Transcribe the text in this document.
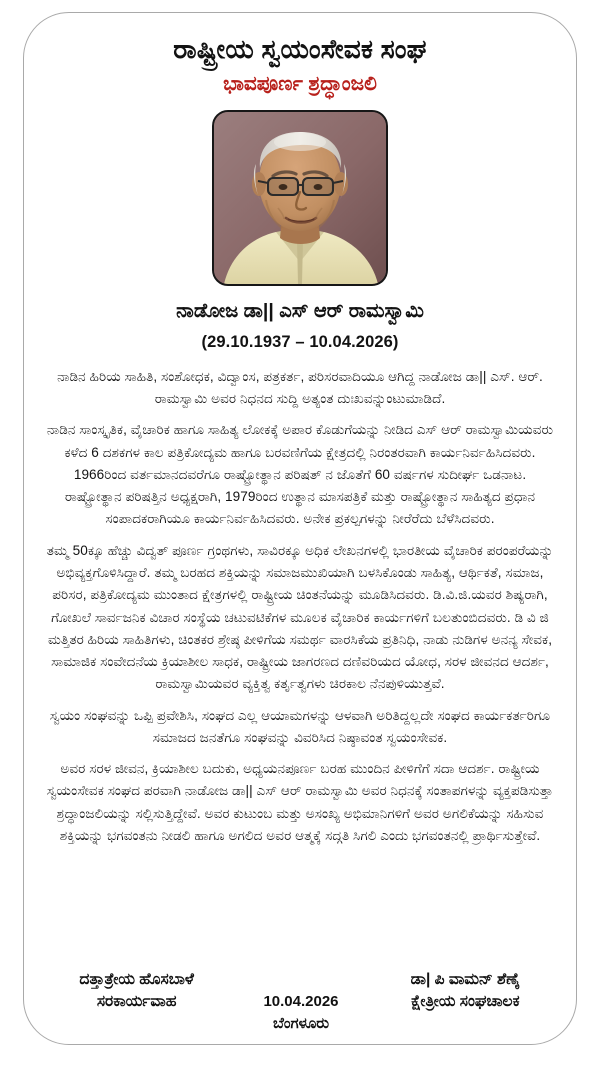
ರಾಷ್ಟ್ರೀಯ ಸ್ವಯಂಸೇವಕ ಸಂಘ
ಭಾವಪೂರ್ಣ ಶ್ರದ್ಧಾಂಜಲಿ
ನಾಡೋಜ ಡಾ|| ಎಸ್ ಆರ್ ರಾಮಸ್ವಾಮಿ
(29.10.1937 – 10.04.2026)

ನಾಡಿನ ಹಿರಿಯ ಸಾಹಿತಿ, ಸಂಶೋಧಕ, ವಿದ್ವಾಂಸ, ಪತ್ರಕರ್ತ, ಪರಿಸರವಾದಿಯೂ ಆಗಿದ್ದ ನಾಡೋಜ ಡಾ|| ಎಸ್. ಆರ್. ರಾಮಸ್ವಾಮಿ ಅವರ ನಿಧನದ ಸುದ್ದಿ ಅತ್ಯಂತ ದುಃಖವನ್ನುಂಟುಮಾಡಿದೆ.

ನಾಡಿನ ಸಾಂಸ್ಕೃತಿಕ, ವೈಚಾರಿಕ ಹಾಗೂ ಸಾಹಿತ್ಯ ಲೋಕಕ್ಕೆ ಅಪಾರ ಕೊಡುಗೆಯನ್ನು ನೀಡಿದ ಎಸ್ ಆರ್ ರಾಮಸ್ವಾಮಿಯವರು ಕಳೆದ 6 ದಶಕಗಳ ಕಾಲ ಪತ್ರಿಕೋದ್ಯಮ ಹಾಗೂ ಬರವಣಿಗೆಯ ಕ್ಷೇತ್ರದಲ್ಲಿ ನಿರಂತರವಾಗಿ ಕಾರ್ಯನಿರ್ವಹಿಸಿದವರು. 1966ರಿಂದ ವರ್ತಮಾನದವರೆಗೂ ರಾಷ್ಟ್ರೋತ್ಥಾನ ಪರಿಷತ್‌ ನ ಜೊತೆಗೆ 60 ವರ್ಷಗಳ ಸುದೀರ್ಘ ಒಡನಾಟ. ರಾಷ್ಟ್ರೋತ್ಥಾನ ಪರಿಷತ್ತಿನ ಅಧ್ಯಕ್ಷರಾಗಿ, 1979ರಿಂದ ಉತ್ಥಾನ ಮಾಸಪತ್ರಿಕೆ ಮತ್ತು ರಾಷ್ಟ್ರೋತ್ಥಾನ ಸಾಹಿತ್ಯದ ಪ್ರಧಾನ ಸಂಪಾದಕರಾಗಿಯೂ ಕಾರ್ಯನಿರ್ವಹಿಸಿದವರು. ಅನೇಕ ಪ್ರಕಲ್ಪಗಳನ್ನು ನೀರೆರೆದು ಬೆಳೆಸಿದವರು.

ತಮ್ಮ 50ಕ್ಕೂ ಹೆಚ್ಚು ವಿದ್ವತ್ ಪೂರ್ಣ ಗ್ರಂಥಗಳು, ಸಾವಿರಕ್ಕೂ ಅಧಿಕ ಲೇಖನಗಳಲ್ಲಿ ಭಾರತೀಯ ವೈಚಾರಿಕ ಪರಂಪರೆಯನ್ನು ಅಭಿವ್ಯಕ್ತಗೊಳಿಸಿದ್ದಾರೆ. ತಮ್ಮ ಬರಹದ ಶಕ್ತಿಯನ್ನು ಸಮಾಜಮುಖಿಯಾಗಿ ಬಳಸಿಕೊಂಡು ಸಾಹಿತ್ಯ, ಆರ್ಥಿಕತೆ, ಸಮಾಜ, ಪರಿಸರ, ಪತ್ರಿಕೋದ್ಯಮ ಮುಂತಾದ ಕ್ಷೇತ್ರಗಳಲ್ಲಿ ರಾಷ್ಟ್ರೀಯ ಚಿಂತನೆಯನ್ನು ಮೂಡಿಸಿದವರು. ಡಿ.ವಿ.ಜಿ.ಯವರ ಶಿಷ್ಯರಾಗಿ, ಗೋಖಲೆ ಸಾರ್ವಜನಿಕ ವಿಚಾರ ಸಂಸ್ಥೆಯ ಚಟುವಟಿಕೆಗಳ ಮೂಲಕ ವೈಚಾರಿಕ ಕಾರ್ಯಗಳಿಗೆ ಬಲತುಂಬಿದವರು. ಡಿ ವಿ ಜಿ ಮತ್ತಿತರ ಹಿರಿಯ ಸಾಹಿತಿಗಳು, ಚಿಂತಕರ ಶ್ರೇಷ್ಠ ಪೀಳಿಗೆಯ ಸಮರ್ಥ ವಾರಸಿಕೆಯ ಪ್ರತಿನಿಧಿ, ನಾಡು ನುಡಿಗಳ ಅನನ್ಯ ಸೇವಕ, ಸಾಮಾಜಿಕ ಸಂವೇದನೆಯ ಕ್ರಿಯಾಶೀಲ ಸಾಧಕ, ರಾಷ್ಟ್ರೀಯ ಜಾಗರಣದ ದಣಿವರಿಯದ ಯೋಧ, ಸರಳ ಜೀವನದ ಆದರ್ಶ, ರಾಮಸ್ವಾಮಿಯವರ ವ್ಯಕ್ತಿತ್ವ ಕರ್ತೃತ್ವಗಳು ಚಿರಕಾಲ ನೆನಪುಳಿಯುತ್ತವೆ.

ಸ್ವಯಂ ಸಂಘವನ್ನು ಒಪ್ಪಿ ಪ್ರವೇಶಿಸಿ, ಸಂಘದ ಎಲ್ಲ ಆಯಾಮಗಳನ್ನು ಆಳವಾಗಿ ಅರಿತಿದ್ದಲ್ಲದೇ ಸಂಘದ ಕಾರ್ಯಕರ್ತರಿಗೂ ಸಮಾಜದ ಜನತೆಗೂ ಸಂಘವನ್ನು ವಿವರಿಸಿದ ನಿಷ್ಠಾವಂತ ಸ್ವಯಂಸೇವಕ.

ಅವರ ಸರಳ ಜೀವನ, ಕ್ರಿಯಾಶೀಲ ಬದುಕು, ಅಧ್ಯಯನಪೂರ್ಣ ಬರಹ ಮುಂದಿನ ಪೀಳಿಗೆಗೆ ಸದಾ ಆದರ್ಶ. ರಾಷ್ಟ್ರೀಯ ಸ್ವಯಂಸೇವಕ ಸಂಘದ ಪರವಾಗಿ ನಾಡೋಜ ಡಾ|| ಎಸ್ ಆರ್ ರಾಮಸ್ವಾಮಿ ಅವರ ನಿಧನಕ್ಕೆ ಸಂತಾಪಗಳನ್ನು ವ್ಯಕ್ತಪಡಿಸುತ್ತಾ ಶ್ರದ್ಧಾಂಜಲಿಯನ್ನು ಸಲ್ಲಿಸುತ್ತಿದ್ದೇವೆ. ಅವರ ಕುಟುಂಬ ಮತ್ತು ಅಸಂಖ್ಯ ಅಭಿಮಾನಿಗಳಿಗೆ ಅವರ ಅಗಲಿಕೆಯನ್ನು ಸಹಿಸುವ ಶಕ್ತಿಯನ್ನು ಭಗವಂತನು ನೀಡಲಿ ಹಾಗೂ ಅಗಲಿದ ಅವರ ಆತ್ಮಕ್ಕೆ ಸದ್ಗತಿ ಸಿಗಲಿ ಎಂದು ಭಗವಂತನಲ್ಲಿ ಪ್ರಾರ್ಥಿಸುತ್ತೇವೆ.

ದತ್ತಾತ್ರೇಯ ಹೊಸಬಾಳೆ
ಸರಕಾರ್ಯವಾಹ	10.04.2026
ಬೆಂಗಳೂರು
ಡಾ| ಪಿ ವಾಮನ್ ಶೆಣೈ
ಕ್ಷೇತ್ರೀಯ ಸಂಘಚಾಲಕ
